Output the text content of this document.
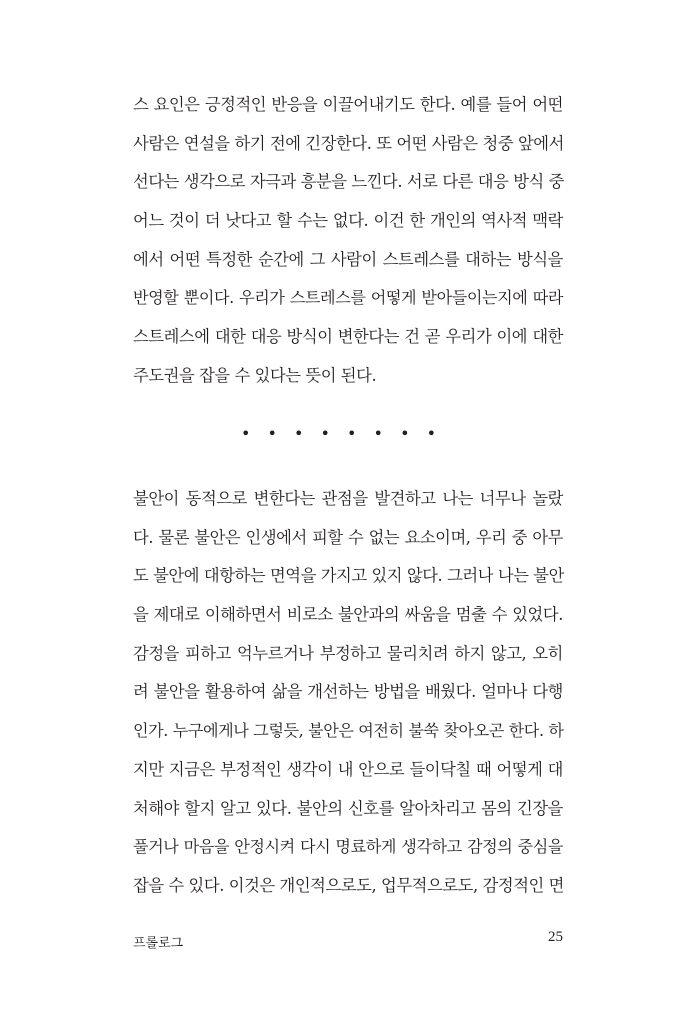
스 요인은 긍정적인 반응을 이끌어내기도 한다. 예를 들어 어떤
사람은 연설을 하기 전에 긴장한다. 또 어떤 사람은 청중 앞에서
선다는 생각으로 자극과 흥분을 느낀다. 서로 다른 대응 방식 중
어느 것이 더 낫다고 할 수는 없다. 이건 한 개인의 역사적 맥락
에서 어떤 특정한 순간에 그 사람이 스트레스를 대하는 방식을
반영할 뿐이다. 우리가 스트레스를 어떻게 받아들이는지에 따라
스트레스에 대한 대응 방식이 변한다는 건 곧 우리가 이에 대한
주도권을 잡을 수 있다는 뜻이 된다.
• • • • • • • •
불안이 동적으로 변한다는 관점을 발견하고 나는 너무나 놀랐
다. 물론 불안은 인생에서 피할 수 없는 요소이며, 우리 중 아무
도 불안에 대항하는 면역을 가지고 있지 않다. 그러나 나는 불안
을 제대로 이해하면서 비로소 불안과의 싸움을 멈출 수 있었다.
감정을 피하고 억누르거나 부정하고 물리치려 하지 않고, 오히
려 불안을 활용하여 삶을 개선하는 방법을 배웠다. 얼마나 다행
인가. 누구에게나 그렇듯, 불안은 여전히 불쑥 찾아오곤 한다. 하
지만 지금은 부정적인 생각이 내 안으로 들이닥칠 때 어떻게 대
처해야 할지 알고 있다. 불안의 신호를 알아차리고 몸의 긴장을
풀거나 마음을 안정시켜 다시 명료하게 생각하고 감정의 중심을
잡을 수 있다. 이것은 개인적으로도, 업무적으로도, 감정적인 면
프롤로그	25
